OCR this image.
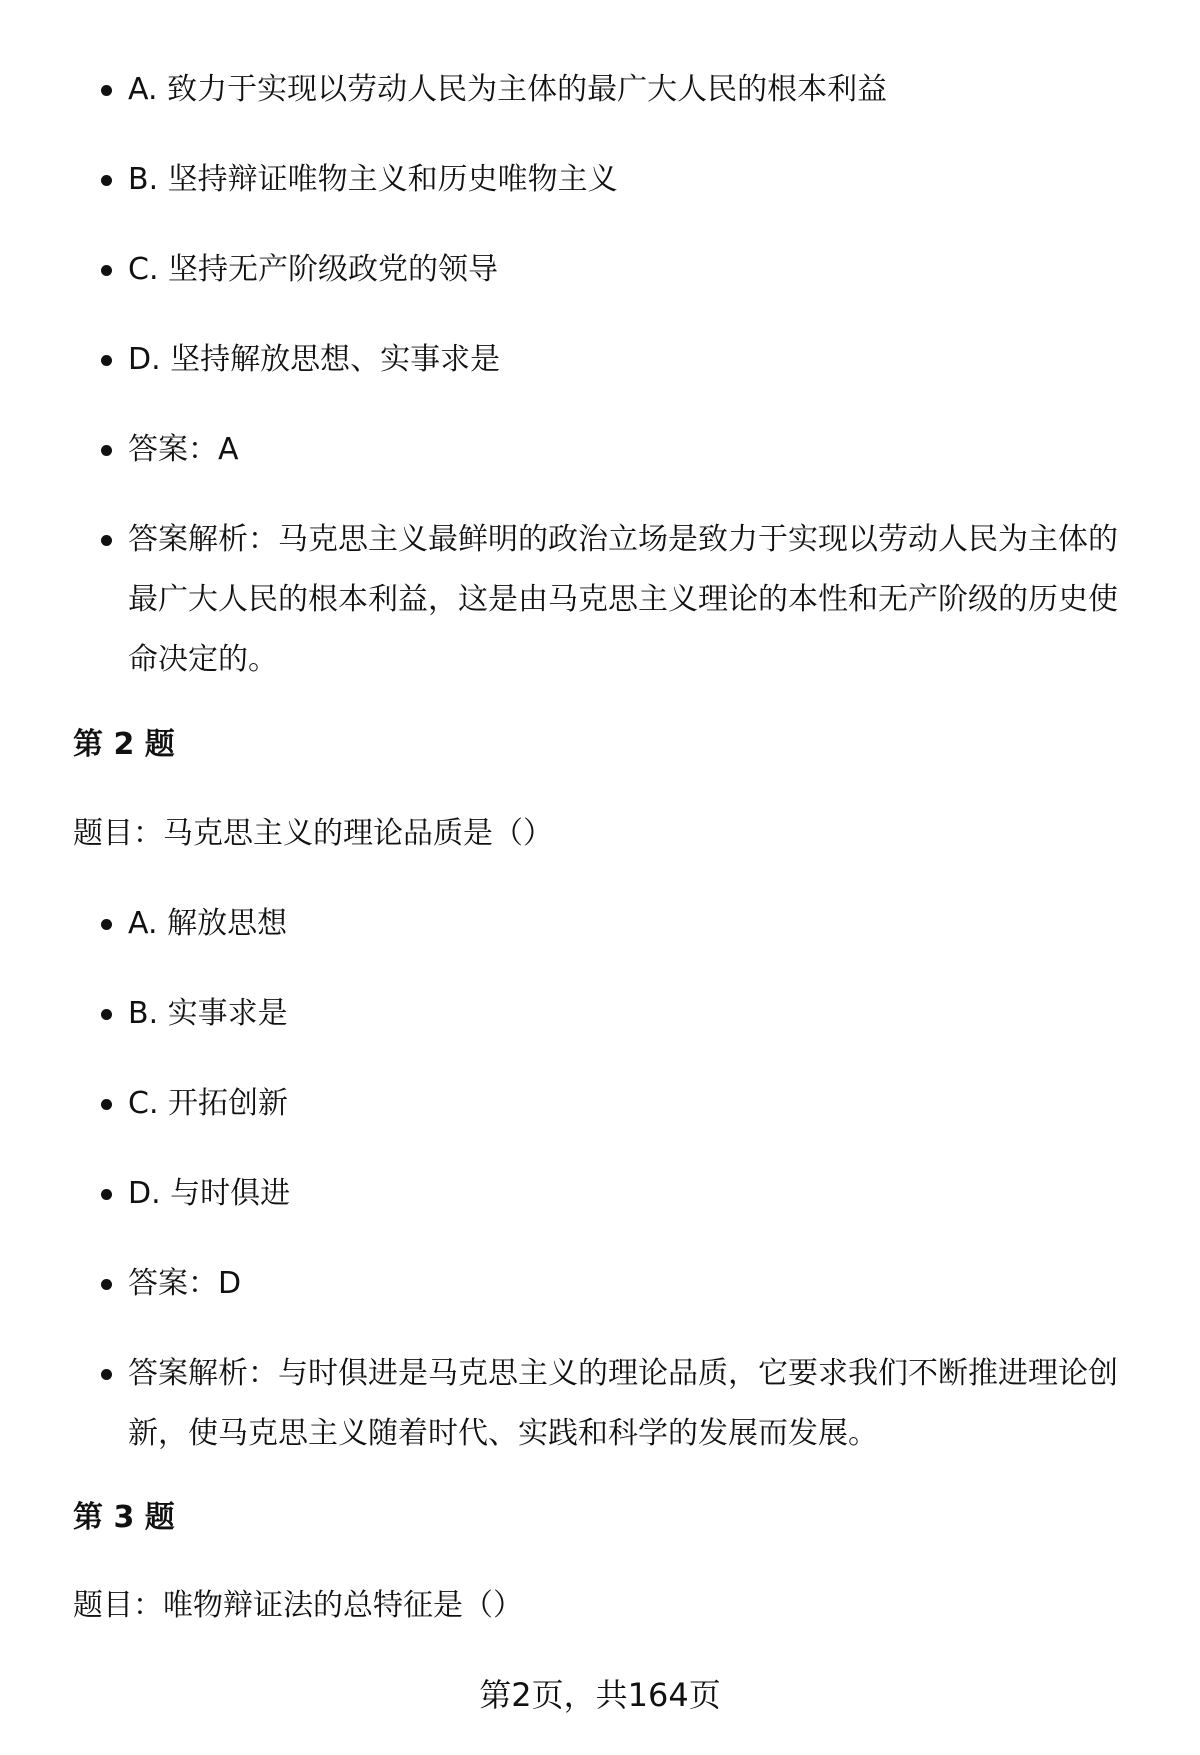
A. 致力于实现以劳动人民为主体的最广大人民的根本利益
B. 坚持辩证唯物主义和历史唯物主义
C. 坚持无产阶级政党的领导
D. 坚持解放思想、实事求是
答案：A
答案解析：马克思主义最鲜明的政治立场是致力于实现以劳动人民为主体的最广大人民的根本利益，这是由马克思主义理论的本性和无产阶级的历史使命决定的。
第 2 题
题目：马克思主义的理论品质是（）
A. 解放思想
B. 实事求是
C. 开拓创新
D. 与时俱进
答案：D
答案解析：与时俱进是马克思主义的理论品质，它要求我们不断推进理论创新，使马克思主义随着时代、实践和科学的发展而发展。
第 3 题
题目：唯物辩证法的总特征是（）
第2页，共164页
